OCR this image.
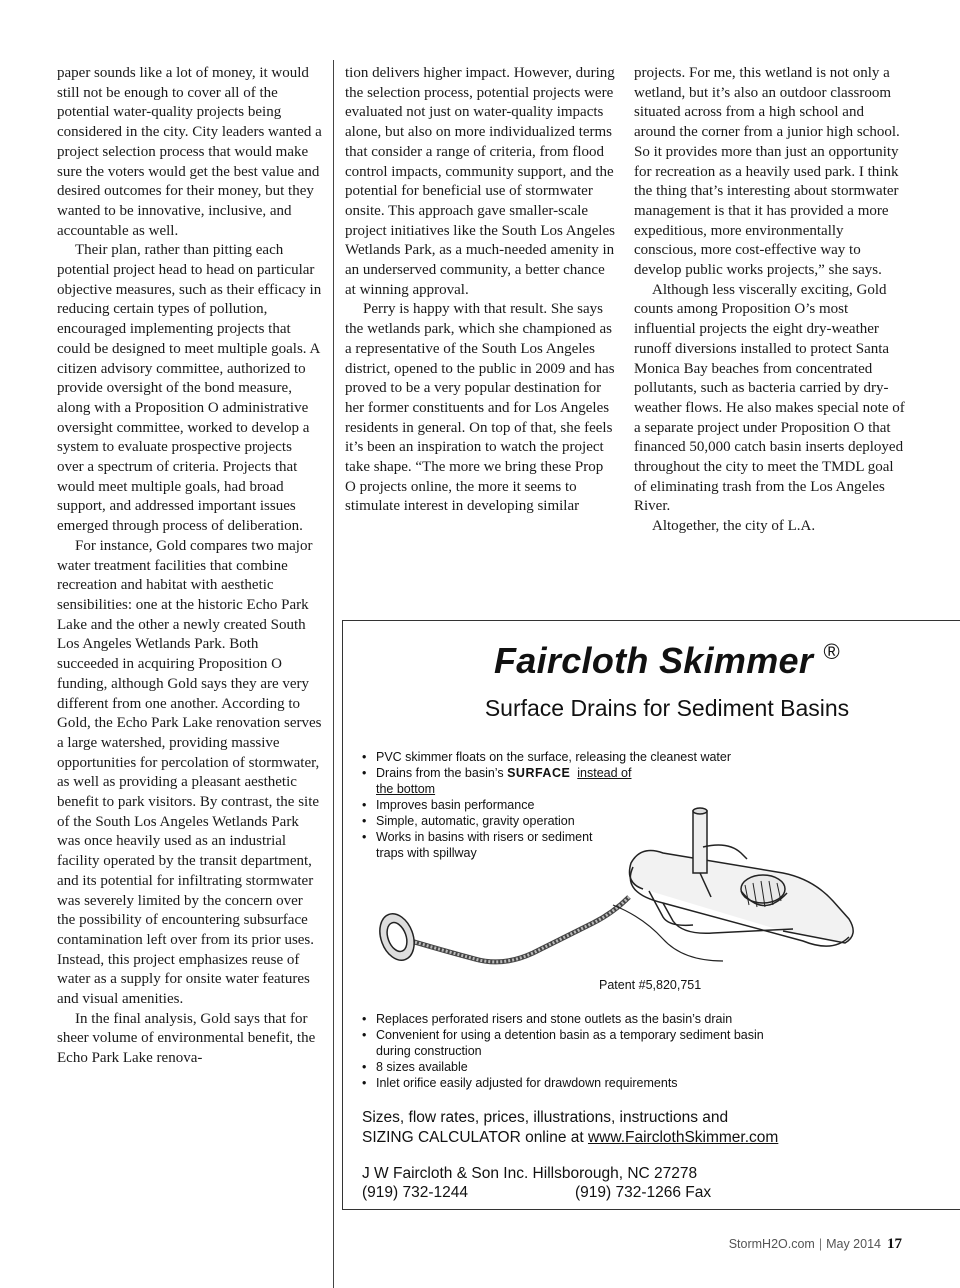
paper sounds like a lot of money, it would still not be enough to cover all of the potential water-quality projects being considered in the city. City leaders wanted a project selection process that would make sure the voters would get the best value and desired outcomes for their money, but they wanted to be innovative, inclusive, and accountable as well.

Their plan, rather than pitting each potential project head to head on particular objective measures, such as their efficacy in reducing certain types of pollution, encouraged implementing projects that could be designed to meet multiple goals. A citizen advisory committee, authorized to provide oversight of the bond measure, along with a Proposition O administrative oversight committee, worked to develop a system to evaluate prospective projects over a spectrum of criteria. Projects that would meet multiple goals, had broad support, and addressed important issues emerged through process of deliberation.

For instance, Gold compares two major water treatment facilities that combine recreation and habitat with aesthetic sensibilities: one at the historic Echo Park Lake and the other a newly created South Los Angeles Wetlands Park. Both succeeded in acquiring Proposition O funding, although Gold says they are very different from one another. According to Gold, the Echo Park Lake renovation serves a large watershed, providing massive opportunities for percolation of stormwater, as well as providing a pleasant aesthetic benefit to park visitors. By contrast, the site of the South Los Angeles Wetlands Park was once heavily used as an industrial facility operated by the transit department, and its potential for infiltrating stormwater was severely limited by the concern over the possibility of encountering subsurface contamination left over from its prior uses. Instead, this project emphasizes reuse of water as a supply for onsite water features and visual amenities.

In the final analysis, Gold says that for sheer volume of environmental benefit, the Echo Park Lake renova-

tion delivers higher impact. However, during the selection process, potential projects were evaluated not just on water-quality impacts alone, but also on more individualized terms that consider a range of criteria, from flood control impacts, community support, and the potential for beneficial use of stormwater onsite. This approach gave smaller-scale project initiatives like the South Los Angeles Wetlands Park, as a much-needed amenity in an underserved community, a better chance at winning approval.

Perry is happy with that result. She says the wetlands park, which she championed as a representative of the South Los Angeles district, opened to the public in 2009 and has proved to be a very popular destination for her former constituents and for Los Angeles residents in general. On top of that, she feels it’s been an inspiration to watch the project take shape. “The more we bring these Prop O projects online, the more it seems to stimulate interest in developing similar

projects. For me, this wetland is not only a wetland, but it’s also an outdoor classroom situated across from a high school and around the corner from a junior high school. So it provides more than just an opportunity for recreation as a heavily used park. I think the thing that’s interesting about stormwater management is that it has provided a more expeditious, more environmentally conscious, more cost-effective way to develop public works projects,” she says.

Although less viscerally exciting, Gold counts among Proposition O’s most influential projects the eight dry-weather runoff diversions installed to protect Santa Monica Bay beaches from concentrated pollutants, such as bacteria carried by dry-weather flows. He also makes special note of a separate project under Proposition O that financed 50,000 catch basin inserts deployed throughout the city to meet the TMDL goal of eliminating trash from the Los Angeles River.

Altogether, the city of L.A.

Faircloth Skimmer ®
Surface Drains for Sediment Basins
• PVC skimmer floats on the surface, releasing the cleanest water
• Drains from the basin’s SURFACE instead of the bottom
• Improves basin performance
• Simple, automatic, gravity operation
• Works in basins with risers or sediment traps with spillway
Patent #5,820,751
• Replaces perforated risers and stone outlets as the basin’s drain
• Convenient for using a detention basin as a temporary sediment basin during construction
• 8 sizes available
• Inlet orifice easily adjusted for drawdown requirements
Sizes, flow rates, prices, illustrations, instructions and
SIZING CALCULATOR online at www.FairclothSkimmer.com
J W Faircloth & Son Inc. Hillsborough, NC 27278
(919) 732-1244	(919) 732-1266 Fax
StormH2O.com | May 2014 17
